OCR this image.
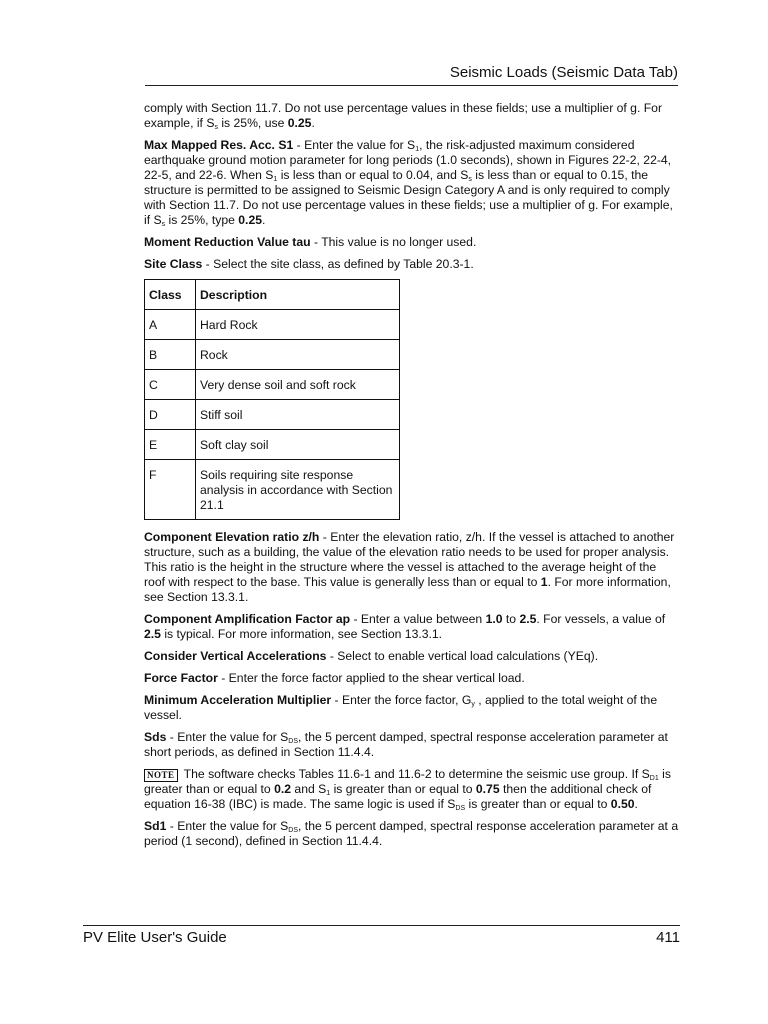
Seismic Loads (Seismic Data Tab)

comply with Section 11.7. Do not use percentage values in these fields; use a multiplier of g. For example, if $S_s$ is 25%, use 0.25.

Max Mapped Res. Acc. S1 - Enter the value for $S_1$, the risk-adjusted maximum considered earthquake ground motion parameter for long periods (1.0 seconds), shown in Figures 22-2, 22-4, 22-5, and 22-6. When $S_1$ is less than or equal to 0.04, and $S_s$ is less than or equal to 0.15, the structure is permitted to be assigned to Seismic Design Category A and is only required to comply with Section 11.7. Do not use percentage values in these fields; use a multiplier of g. For example, if $S_s$ is 25%, type 0.25.

Moment Reduction Value tau - This value is no longer used.

Site Class - Select the site class, as defined by Table 20.3-1.

Class	Description
A	Hard Rock
B	Rock
C	Very dense soil and soft rock
D	Stiff soil
E	Soft clay soil
F	Soils requiring site response analysis in accordance with Section 21.1

Component Elevation ratio z/h - Enter the elevation ratio, z/h. If the vessel is attached to another structure, such as a building, the value of the elevation ratio needs to be used for proper analysis. This ratio is the height in the structure where the vessel is attached to the average height of the roof with respect to the base. This value is generally less than or equal to 1. For more information, see Section 13.3.1.

Component Amplification Factor ap - Enter a value between 1.0 to 2.5. For vessels, a value of 2.5 is typical. For more information, see Section 13.3.1.

Consider Vertical Accelerations - Select to enable vertical load calculations (YEq).

Force Factor - Enter the force factor applied to the shear vertical load.

Minimum Acceleration Multiplier - Enter the force factor, $G_y$ , applied to the total weight of the vessel.

Sds - Enter the value for $S_{DS}$, the 5 percent damped, spectral response acceleration parameter at short periods, as defined in Section 11.4.4.

NOTE The software checks Tables 11.6-1 and 11.6-2 to determine the seismic use group. If $S_{D1}$ is greater than or equal to 0.2 and $S_1$ is greater than or equal to 0.75 then the additional check of equation 16-38 (IBC) is made. The same logic is used if $S_{DS}$ is greater than or equal to 0.50.

Sd1 - Enter the value for $S_{DS}$, the 5 percent damped, spectral response acceleration parameter at a period (1 second), defined in Section 11.4.4.

PV Elite User's Guide	411
